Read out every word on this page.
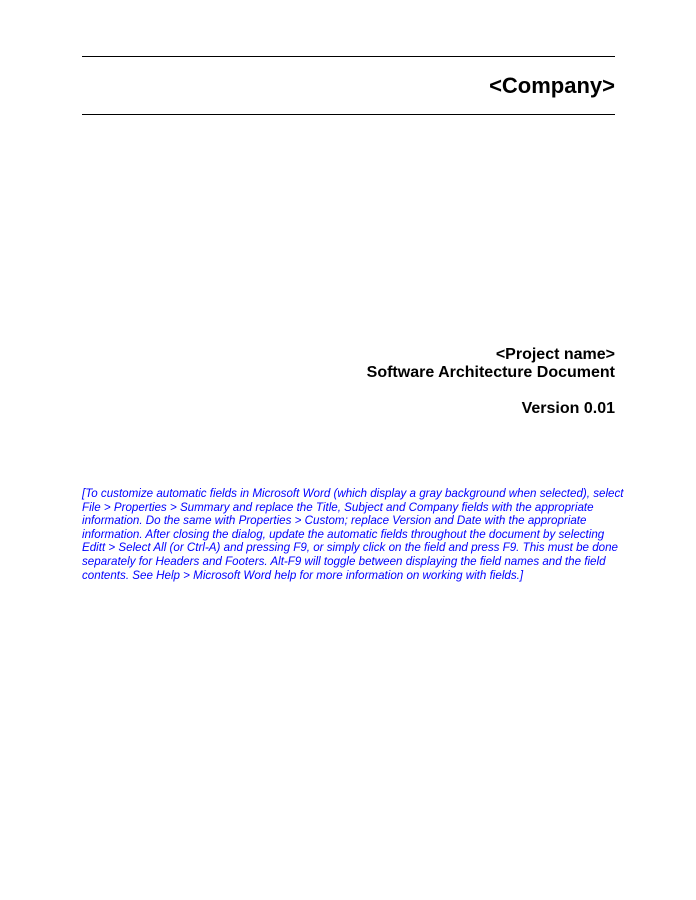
<Company>
<Project name>
Software Architecture Document
Version 0.01
[To customize automatic fields in Microsoft Word (which display a gray background when selected), select
File > Properties > Summary and replace the Title, Subject and Company fields with the appropriate
information. Do the same with Properties > Custom; replace Version and Date with the appropriate
information. After closing the dialog, update the automatic fields throughout the document by selecting
Editt > Select All (or Ctrl-A) and pressing F9, or simply click on the field and press F9. This must be done
separately for Headers and Footers. Alt-F9 will toggle between displaying the field names and the field
contents. See Help > Microsoft Word help for more information on working with fields.]
